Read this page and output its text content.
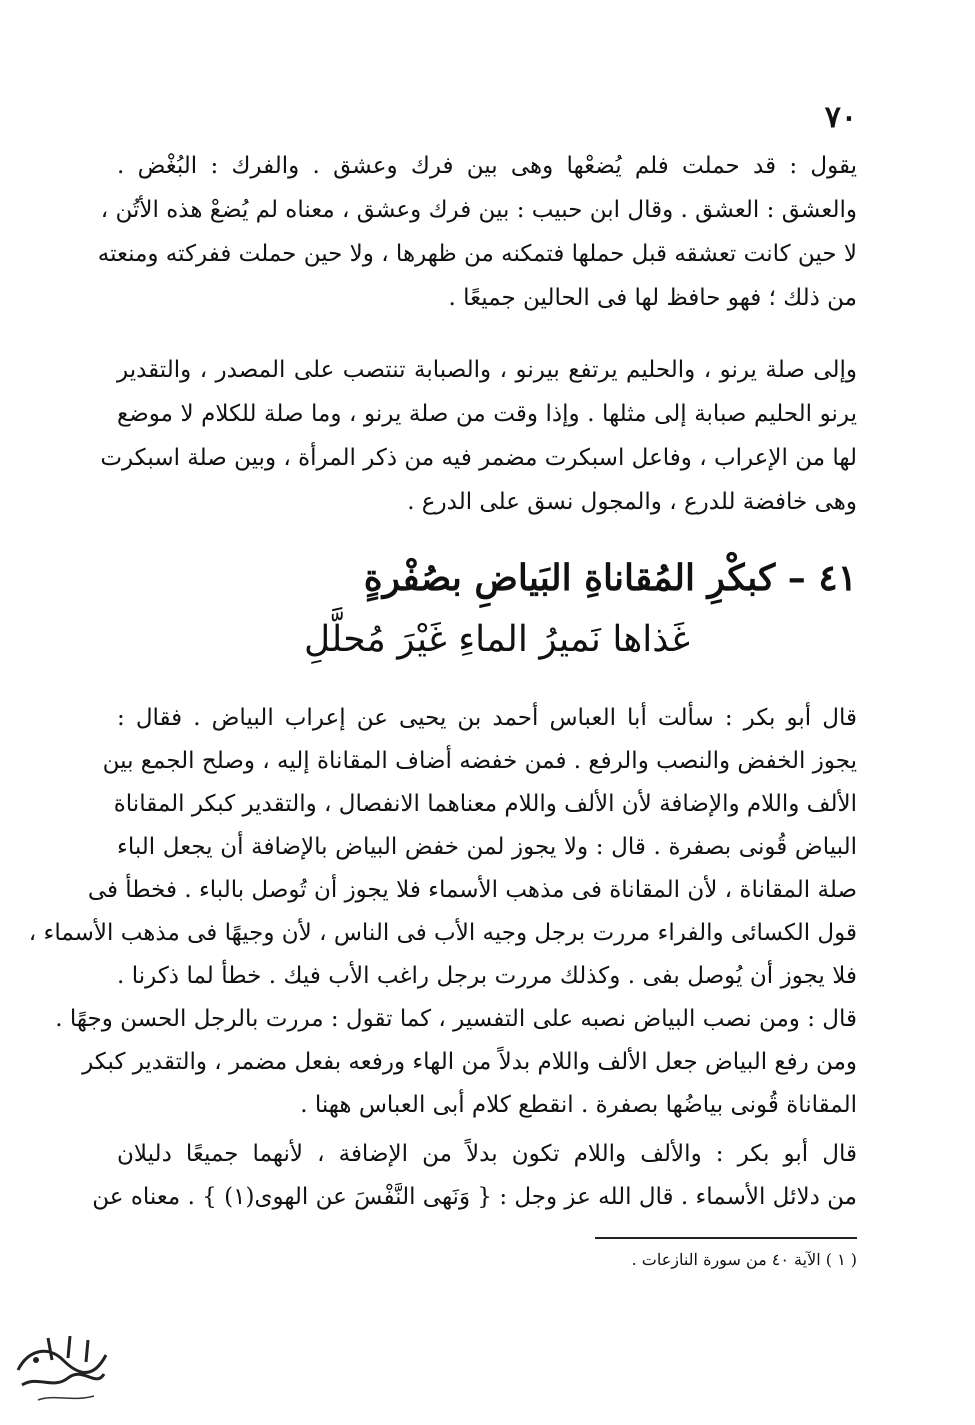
٧٠
يقول : قد حملت فلم يُضعْها وهى بين فرك وعشق . والفرك : البُغْض .
والعشق : العشق . وقال ابن حبيب : بين فرك وعشق ، معناه لم يُضعْ هذه الأتُن ،
لا حين كانت تعشقه قبل حملها فتمكنه من ظهرها ، ولا حين حملت ففركته ومنعته
من ذلك ؛ فهو حافظ لها فى الحالين جميعًا .
وإلى صلة يرنو ، والحليم يرتفع بيرنو ، والصبابة تنتصب على المصدر ، والتقدير
يرنو الحليم صبابة إلى مثلها . وإذا وقت من صلة يرنو ، وما صلة للكلام لا موضع
لها من الإعراب ، وفاعل اسبكرت مضمر فيه من ذكر المرأة ، وبين صلة اسبكرت
وهى خافضة للدرع ، والمجول نسق على الدرع .
٤١ – كبكْرِ المُقاناةِ البَياضِ بصُفْرةٍ
غَذاها نَميرُ الماءِ غَيْرَ مُحلَّلِ
قال أبو بكر : سألت أبا العباس أحمد بن يحيى عن إعراب البياض . فقال :
يجوز الخفض والنصب والرفع . فمن خفضه أضاف المقاناة إليه ، وصلح الجمع بين
الألف واللام والإضافة لأن الألف واللام معناهما الانفصال ، والتقدير كبكر المقاناة
البياض قُونى بصفرة . قال : ولا يجوز لمن خفض البياض بالإضافة أن يجعل الباء
صلة المقاناة ، لأن المقاناة فى مذهب الأسماء فلا يجوز أن تُوصل بالباء . فخطأ فى
قول الكسائى والفراء مررت برجل وجيه الأب فى الناس ، لأن وجيهًا فى مذهب الأسماء ،
فلا يجوز أن يُوصل بفى . وكذلك مررت برجل راغب الأب فيك . خطأ لما ذكرنا .
قال : ومن نصب البياض نصبه على التفسير ، كما تقول : مررت بالرجل الحسن وجهًا .
ومن رفع البياض جعل الألف واللام بدلاً من الهاء ورفعه بفعل مضمر ، والتقدير كبكر
المقاناة قُونى بياضُها بصفرة . انقطع كلام أبى العباس ههنا .
قال أبو بكر : والألف واللام تكون بدلاً من الإضافة ، لأنهما جميعًا دليلان
من دلائل الأسماء . قال الله عز وجل : { وَنَهى النَّفْسَ عن الهوى(١) } . معناه عن
( ١ ) الآية ٤٠ من سورة النازعات .
